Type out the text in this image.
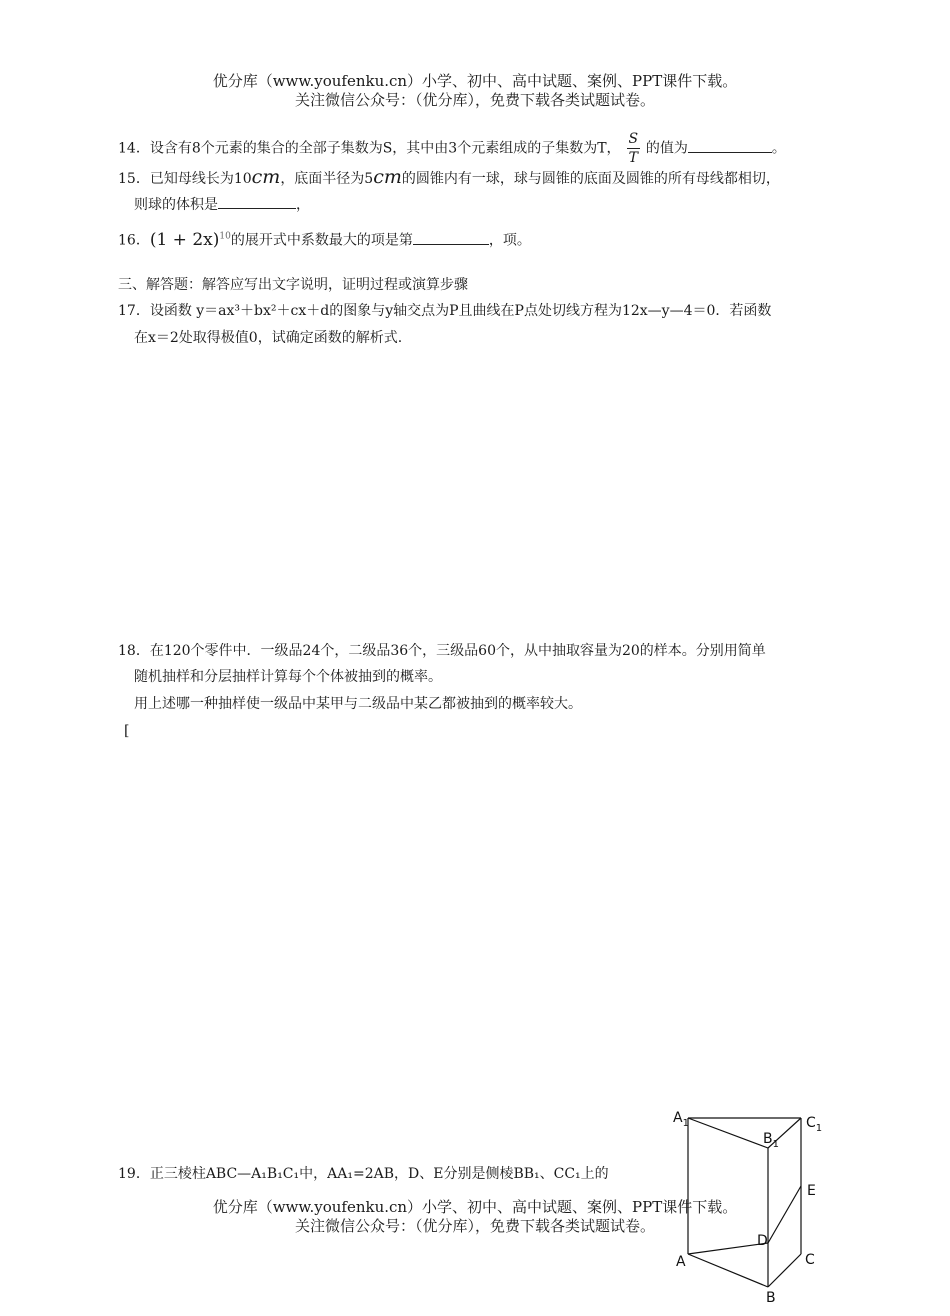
优分库（www.youfenku.cn）小学、初中、高中试题、案例、PPT课件下载。
关注微信公众号：（优分库），免费下载各类试题试卷。
14．设含有8个元素的集合的全部子集数为S，其中由3个元素组成的子集数为T， $\frac{S}{T}$ 的值为	。
15．已知母线长为10cm，底面半径为5cm的圆锥内有一球，球与圆锥的底面及圆锥的所有母线都相切，
则球的体积是	，
16．$(1 + 2x)^{10}$的展开式中系数最大的项是第	，项。
三、解答题：解答应写出文字说明，证明过程或演算步骤
17．设函数 y＝ax³＋bx²＋cx＋d的图象与y轴交点为P且曲线在P点处切线方程为12x—y—4＝0．若函数
在x＝2处取得极值0，试确定函数的解析式.
18．在120个零件中．一级品24个，二级品36个，三级品60个，从中抽取容量为20的样本。分别用简单
随机抽样和分层抽样计算每个个体被抽到的概率。
用上述哪一种抽样使一级品中某甲与二级品中某乙都被抽到的概率较大。
[
19．正三棱柱ABC—A₁B₁C₁中，AA₁=2AB，D、E分别是侧棱BB₁、CC₁上的
优分库（www.youfenku.cn）小学、初中、高中试题、案例、PPT课件下载。
关注微信公众号：（优分库），免费下载各类试题试卷。
$A_1$
$B_1$
$C_1$
E
D
A	C
B
